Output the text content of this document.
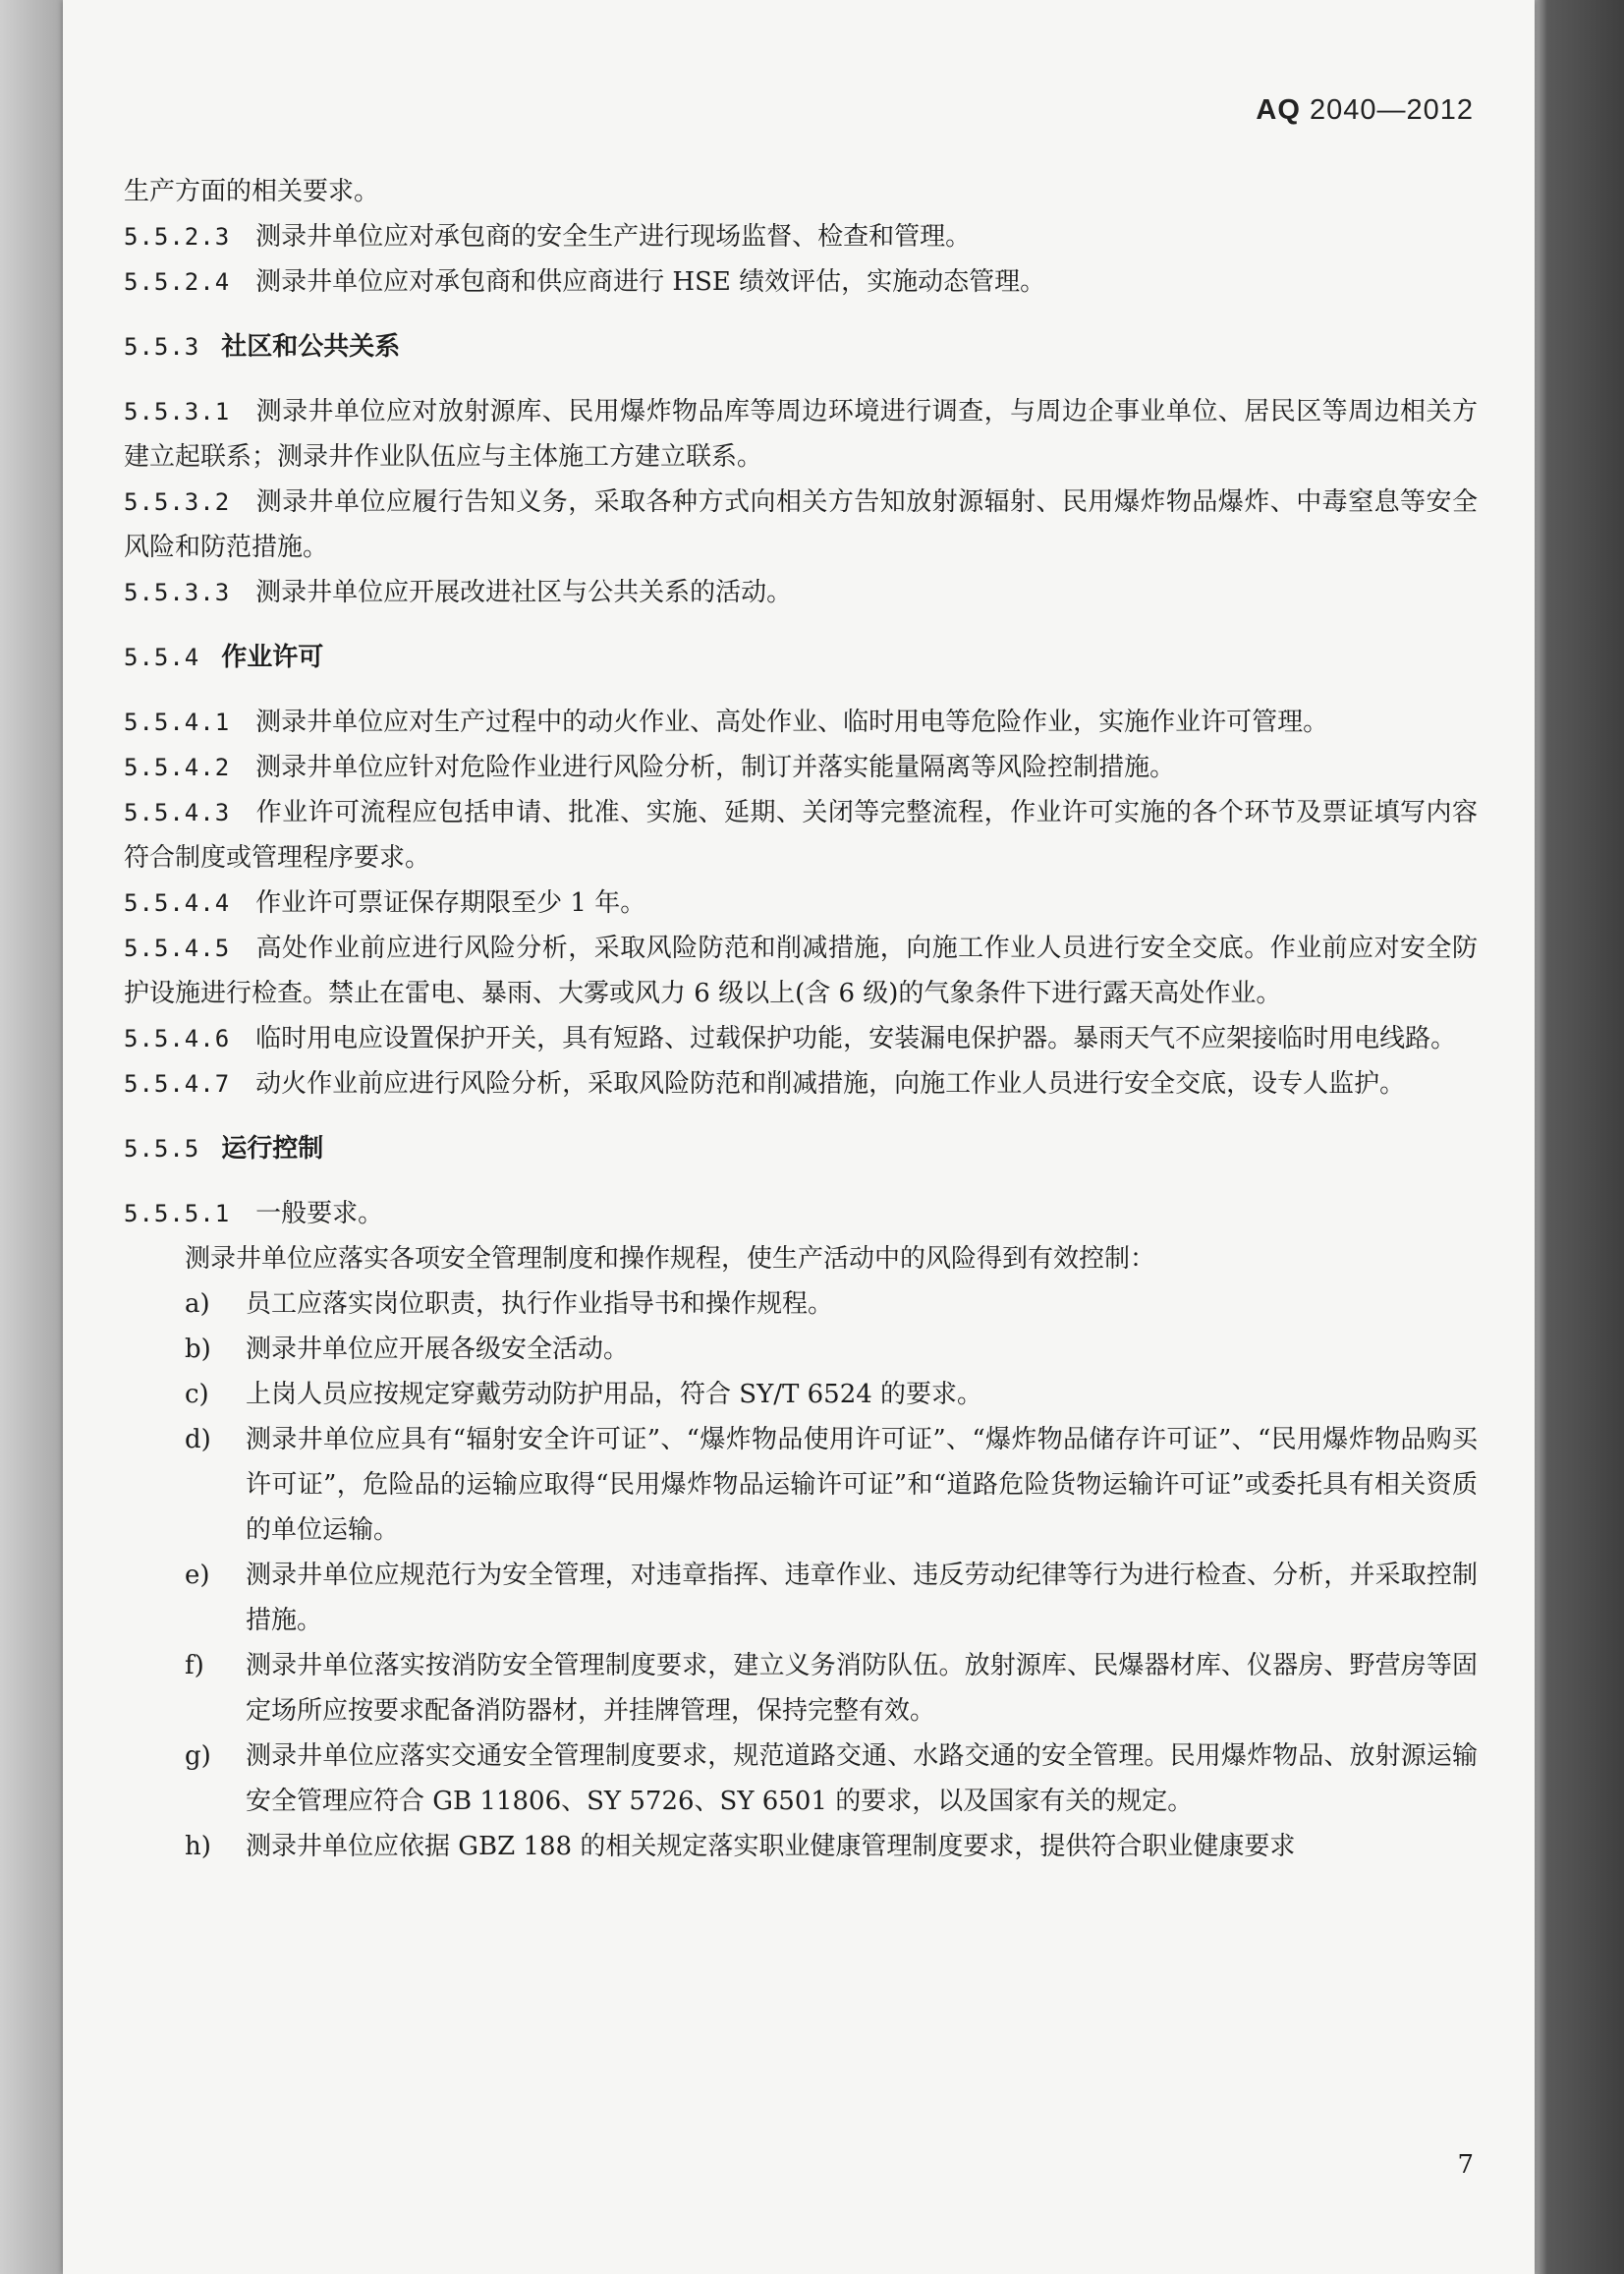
AQ 2040—2012

生产方面的相关要求。

5.5.2.3 测录井单位应对承包商的安全生产进行现场监督、检查和管理。

5.5.2.4 测录井单位应对承包商和供应商进行 HSE 绩效评估，实施动态管理。

5.5.3 社区和公共关系

5.5.3.1 测录井单位应对放射源库、民用爆炸物品库等周边环境进行调查，与周边企事业单位、居民区等周边相关方建立起联系；测录井作业队伍应与主体施工方建立联系。

5.5.3.2 测录井单位应履行告知义务，采取各种方式向相关方告知放射源辐射、民用爆炸物品爆炸、中毒窒息等安全风险和防范措施。

5.5.3.3 测录井单位应开展改进社区与公共关系的活动。

5.5.4 作业许可

5.5.4.1 测录井单位应对生产过程中的动火作业、高处作业、临时用电等危险作业，实施作业许可管理。

5.5.4.2 测录井单位应针对危险作业进行风险分析，制订并落实能量隔离等风险控制措施。

5.5.4.3 作业许可流程应包括申请、批准、实施、延期、关闭等完整流程，作业许可实施的各个环节及票证填写内容符合制度或管理程序要求。

5.5.4.4 作业许可票证保存期限至少 1 年。

5.5.4.5 高处作业前应进行风险分析，采取风险防范和削减措施，向施工作业人员进行安全交底。作业前应对安全防护设施进行检查。禁止在雷电、暴雨、大雾或风力 6 级以上(含 6 级)的气象条件下进行露天高处作业。

5.5.4.6 临时用电应设置保护开关，具有短路、过载保护功能，安装漏电保护器。暴雨天气不应架接临时用电线路。

5.5.4.7 动火作业前应进行风险分析，采取风险防范和削减措施，向施工作业人员进行安全交底，设专人监护。

5.5.5 运行控制

5.5.5.1 一般要求。

测录井单位应落实各项安全管理制度和操作规程，使生产活动中的风险得到有效控制：

a)	员工应落实岗位职责，执行作业指导书和操作规程。
b)	测录井单位应开展各级安全活动。
c)	上岗人员应按规定穿戴劳动防护用品，符合 SY/T 6524 的要求。
d)	测录井单位应具有“辐射安全许可证”、“爆炸物品使用许可证”、“爆炸物品储存许可证”、“民用爆炸物品购买许可证”，危险品的运输应取得“民用爆炸物品运输许可证”和“道路危险货物运输许可证”或委托具有相关资质的单位运输。
e)	测录井单位应规范行为安全管理，对违章指挥、违章作业、违反劳动纪律等行为进行检查、分析，并采取控制措施。
f)	测录井单位落实按消防安全管理制度要求，建立义务消防队伍。放射源库、民爆器材库、仪器房、野营房等固定场所应按要求配备消防器材，并挂牌管理，保持完整有效。
g)	测录井单位应落实交通安全管理制度要求，规范道路交通、水路交通的安全管理。民用爆炸物品、放射源运输安全管理应符合 GB 11806、SY 5726、SY 6501 的要求，以及国家有关的规定。
h)	测录井单位应依据 GBZ 188 的相关规定落实职业健康管理制度要求，提供符合职业健康要求
7
